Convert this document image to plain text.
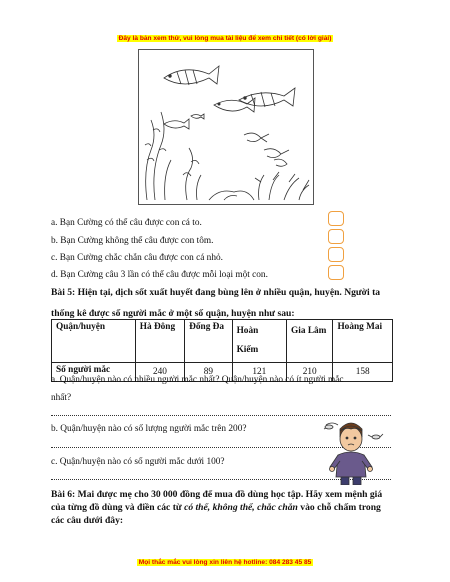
Đây là bản xem thử, vui lòng mua tài liệu để xem chi tiết (có lời giải)
a. Bạn Cường có thể câu được con cá to.
b. Bạn Cường không thể câu được con tôm.
c. Bạn Cường chắc chắn câu được con cá nhỏ.
d. Bạn Cường câu 3 lần có thể câu được mỗi loại một con.
Bài 5: Hiện tại, dịch sốt xuất huyết đang bùng lên ở nhiều quận, huyện. Người ta thống kê được số người mắc ở một số quận, huyện như sau:
Quận/huyện	Hà Đông	Đống Đa	Hoàn Kiếm	Gia Lâm	Hoàng Mai
Số người mắc	240	89	121	210	158
a. Quận/huyện nào có nhiều người mắc nhất? Quận/huyện nào có ít người mắc nhất?
b. Quận/huyện nào có số lượng người mắc trên 200?
c. Quận/huyện nào có số người mắc dưới 100?
Bài 6: Mai được mẹ cho 30 000 đồng để mua đồ dùng học tập. Hãy xem mệnh giá của từng đồ dùng và điền các từ có thể, không thể, chắc chắn vào chỗ chấm trong các câu dưới đây:
Mọi thắc mắc vui lòng xin liên hệ hotline: 084 283 45 85
